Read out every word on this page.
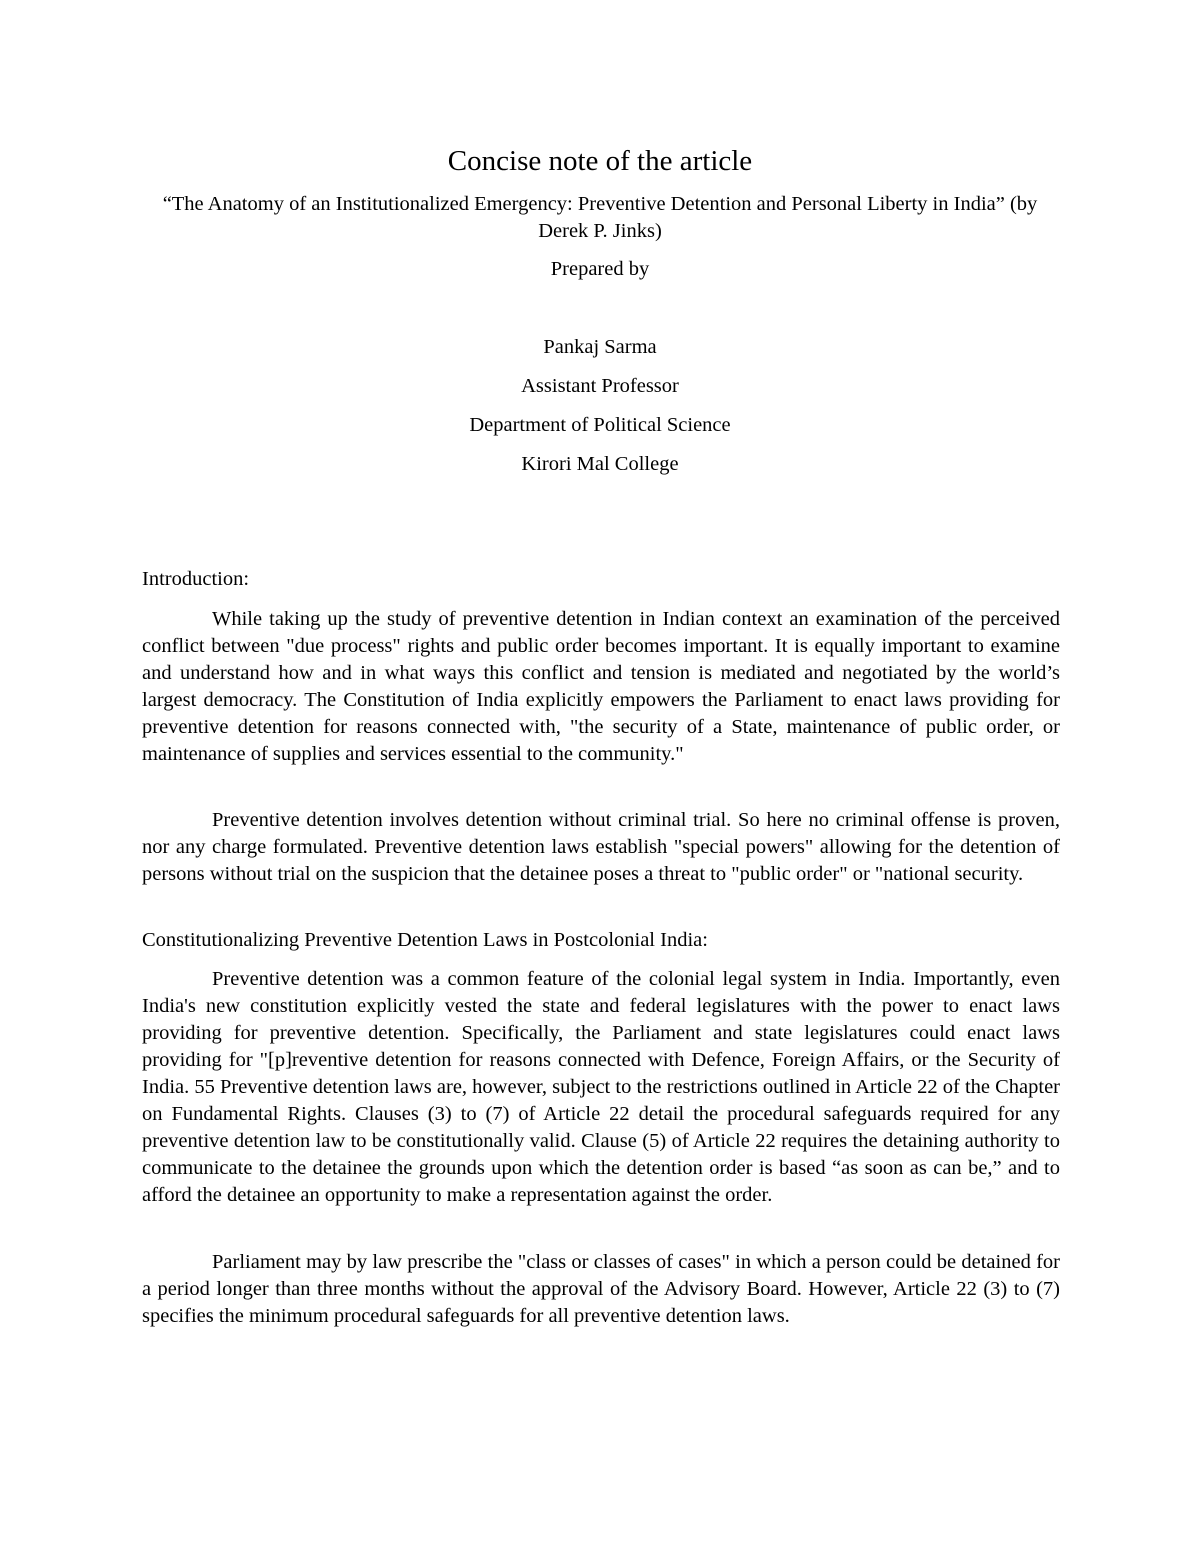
Concise note of the article

“The Anatomy of an Institutionalized Emergency: Preventive Detention and Personal Liberty in India” (by Derek P. Jinks)

Prepared by

Pankaj Sarma

Assistant Professor

Department of Political Science

Kirori Mal College

Introduction:

While taking up the study of preventive detention in Indian context an examination of the perceived conflict between "due process" rights and public order becomes important. It is equally important to examine and understand how and in what ways this conflict and tension is mediated and negotiated by the world’s largest democracy. The Constitution of India explicitly empowers the Parliament to enact laws providing for preventive detention for reasons connected with, "the security of a State, maintenance of public order, or maintenance of supplies and services essential to the community."

Preventive detention involves detention without criminal trial. So here no criminal offense is proven, nor any charge formulated. Preventive detention laws establish "special powers" allowing for the detention of persons without trial on the suspicion that the detainee poses a threat to "public order" or "national security.

Constitutionalizing Preventive Detention Laws in Postcolonial India:

Preventive detention was a common feature of the colonial legal system in India. Importantly, even India's new constitution explicitly vested the state and federal legislatures with the power to enact laws providing for preventive detention. Specifically, the Parliament and state legislatures could enact laws providing for "[p]reventive detention for reasons connected with Defence, Foreign Affairs, or the Security of India. 55 Preventive detention laws are, however, subject to the restrictions outlined in Article 22 of the Chapter on Fundamental Rights. Clauses (3) to (7) of Article 22 detail the procedural safeguards required for any preventive detention law to be constitutionally valid. Clause (5) of Article 22 requires the detaining authority to communicate to the detainee the grounds upon which the detention order is based “as soon as can be,” and to afford the detainee an opportunity to make a representation against the order.

Parliament may by law prescribe the "class or classes of cases" in which a person could be detained for a period longer than three months without the approval of the Advisory Board. However, Article 22 (3) to (7) specifies the minimum procedural safeguards for all preventive detention laws.
